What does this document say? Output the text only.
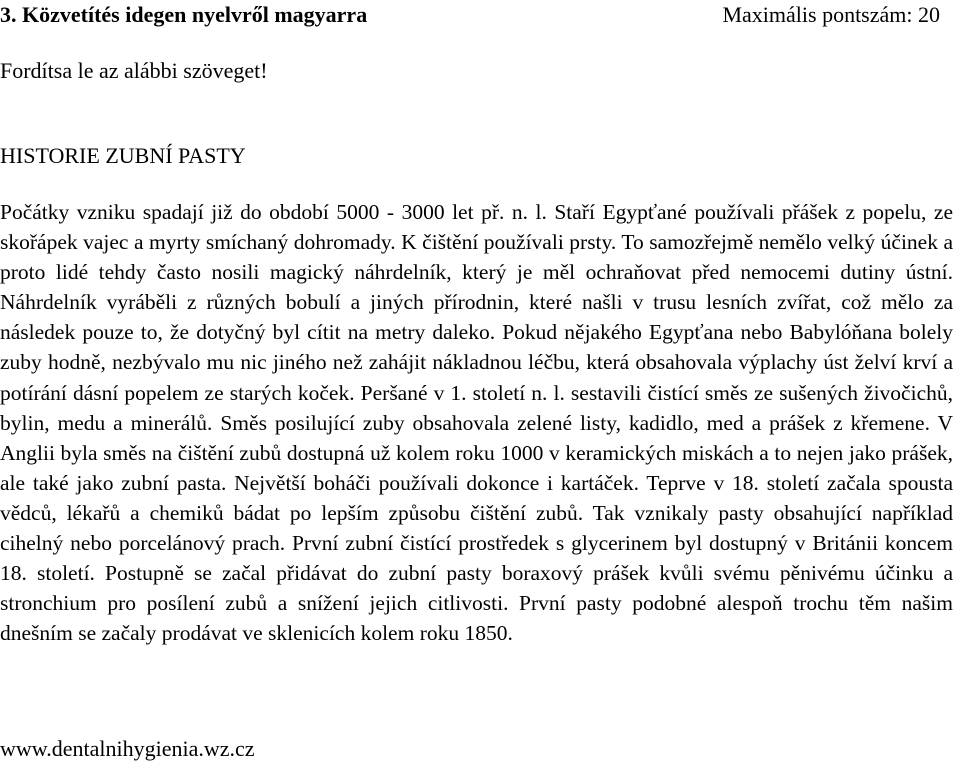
3. Közvetítés idegen nyelvről magyarra	Maximális pontszám: 20
Fordítsa le az alábbi szöveget!
HISTORIE ZUBNÍ PASTY

Počátky vzniku spadají již do období 5000 - 3000 let př. n. l. Staří Egypťané používali přášek z popelu, ze skořápek vajec a myrty smíchaný dohromady. K čištění používali prsty. To samozřejmě nemělo velký účinek a proto lidé tehdy často nosili magický náhrdelník, který je měl ochraňovat před nemocemi dutiny ústní. Náhrdelník vyráběli z různých bobulí a jiných přírodnin, které našli v trusu lesních zvířat, což mělo za následek pouze to, že dotyčný byl cítit na metry daleko. Pokud nějakého Egypťana nebo Babylóňana bolely zuby hodně, nezbývalo mu nic jiného než zahájit nákladnou léčbu, která obsahovala výplachy úst želví krví a potírání dásní popelem ze starých koček. Peršané v 1. století n. l. sestavili čistící směs ze sušených živočichů, bylin, medu a minerálů. Směs posilující zuby obsahovala zelené listy, kadidlo, med a prášek z křemene. V Anglii byla směs na čištění zubů dostupná už kolem roku 1000 v keramických miskách a to nejen jako prášek, ale také jako zubní pasta. Největší boháči používali dokonce i kartáček. Teprve v 18. století začala spousta vědců, lékařů a chemiků bádat po lepším způsobu čištění zubů. Tak vznikaly pasty obsahující například cihelný nebo porcelánový prach. První zubní čistící prostředek s glycerinem byl dostupný v Británii koncem 18. století. Postupně se začal přidávat do zubní pasty boraxový prášek kvůli svému pěnivému účinku a stronchium pro posílení zubů a snížení jejich citlivosti. První pasty podobné alespoň trochu těm našim dnešním se začaly prodávat ve sklenicích kolem roku 1850.

www.dentalnihygienia.wz.cz
